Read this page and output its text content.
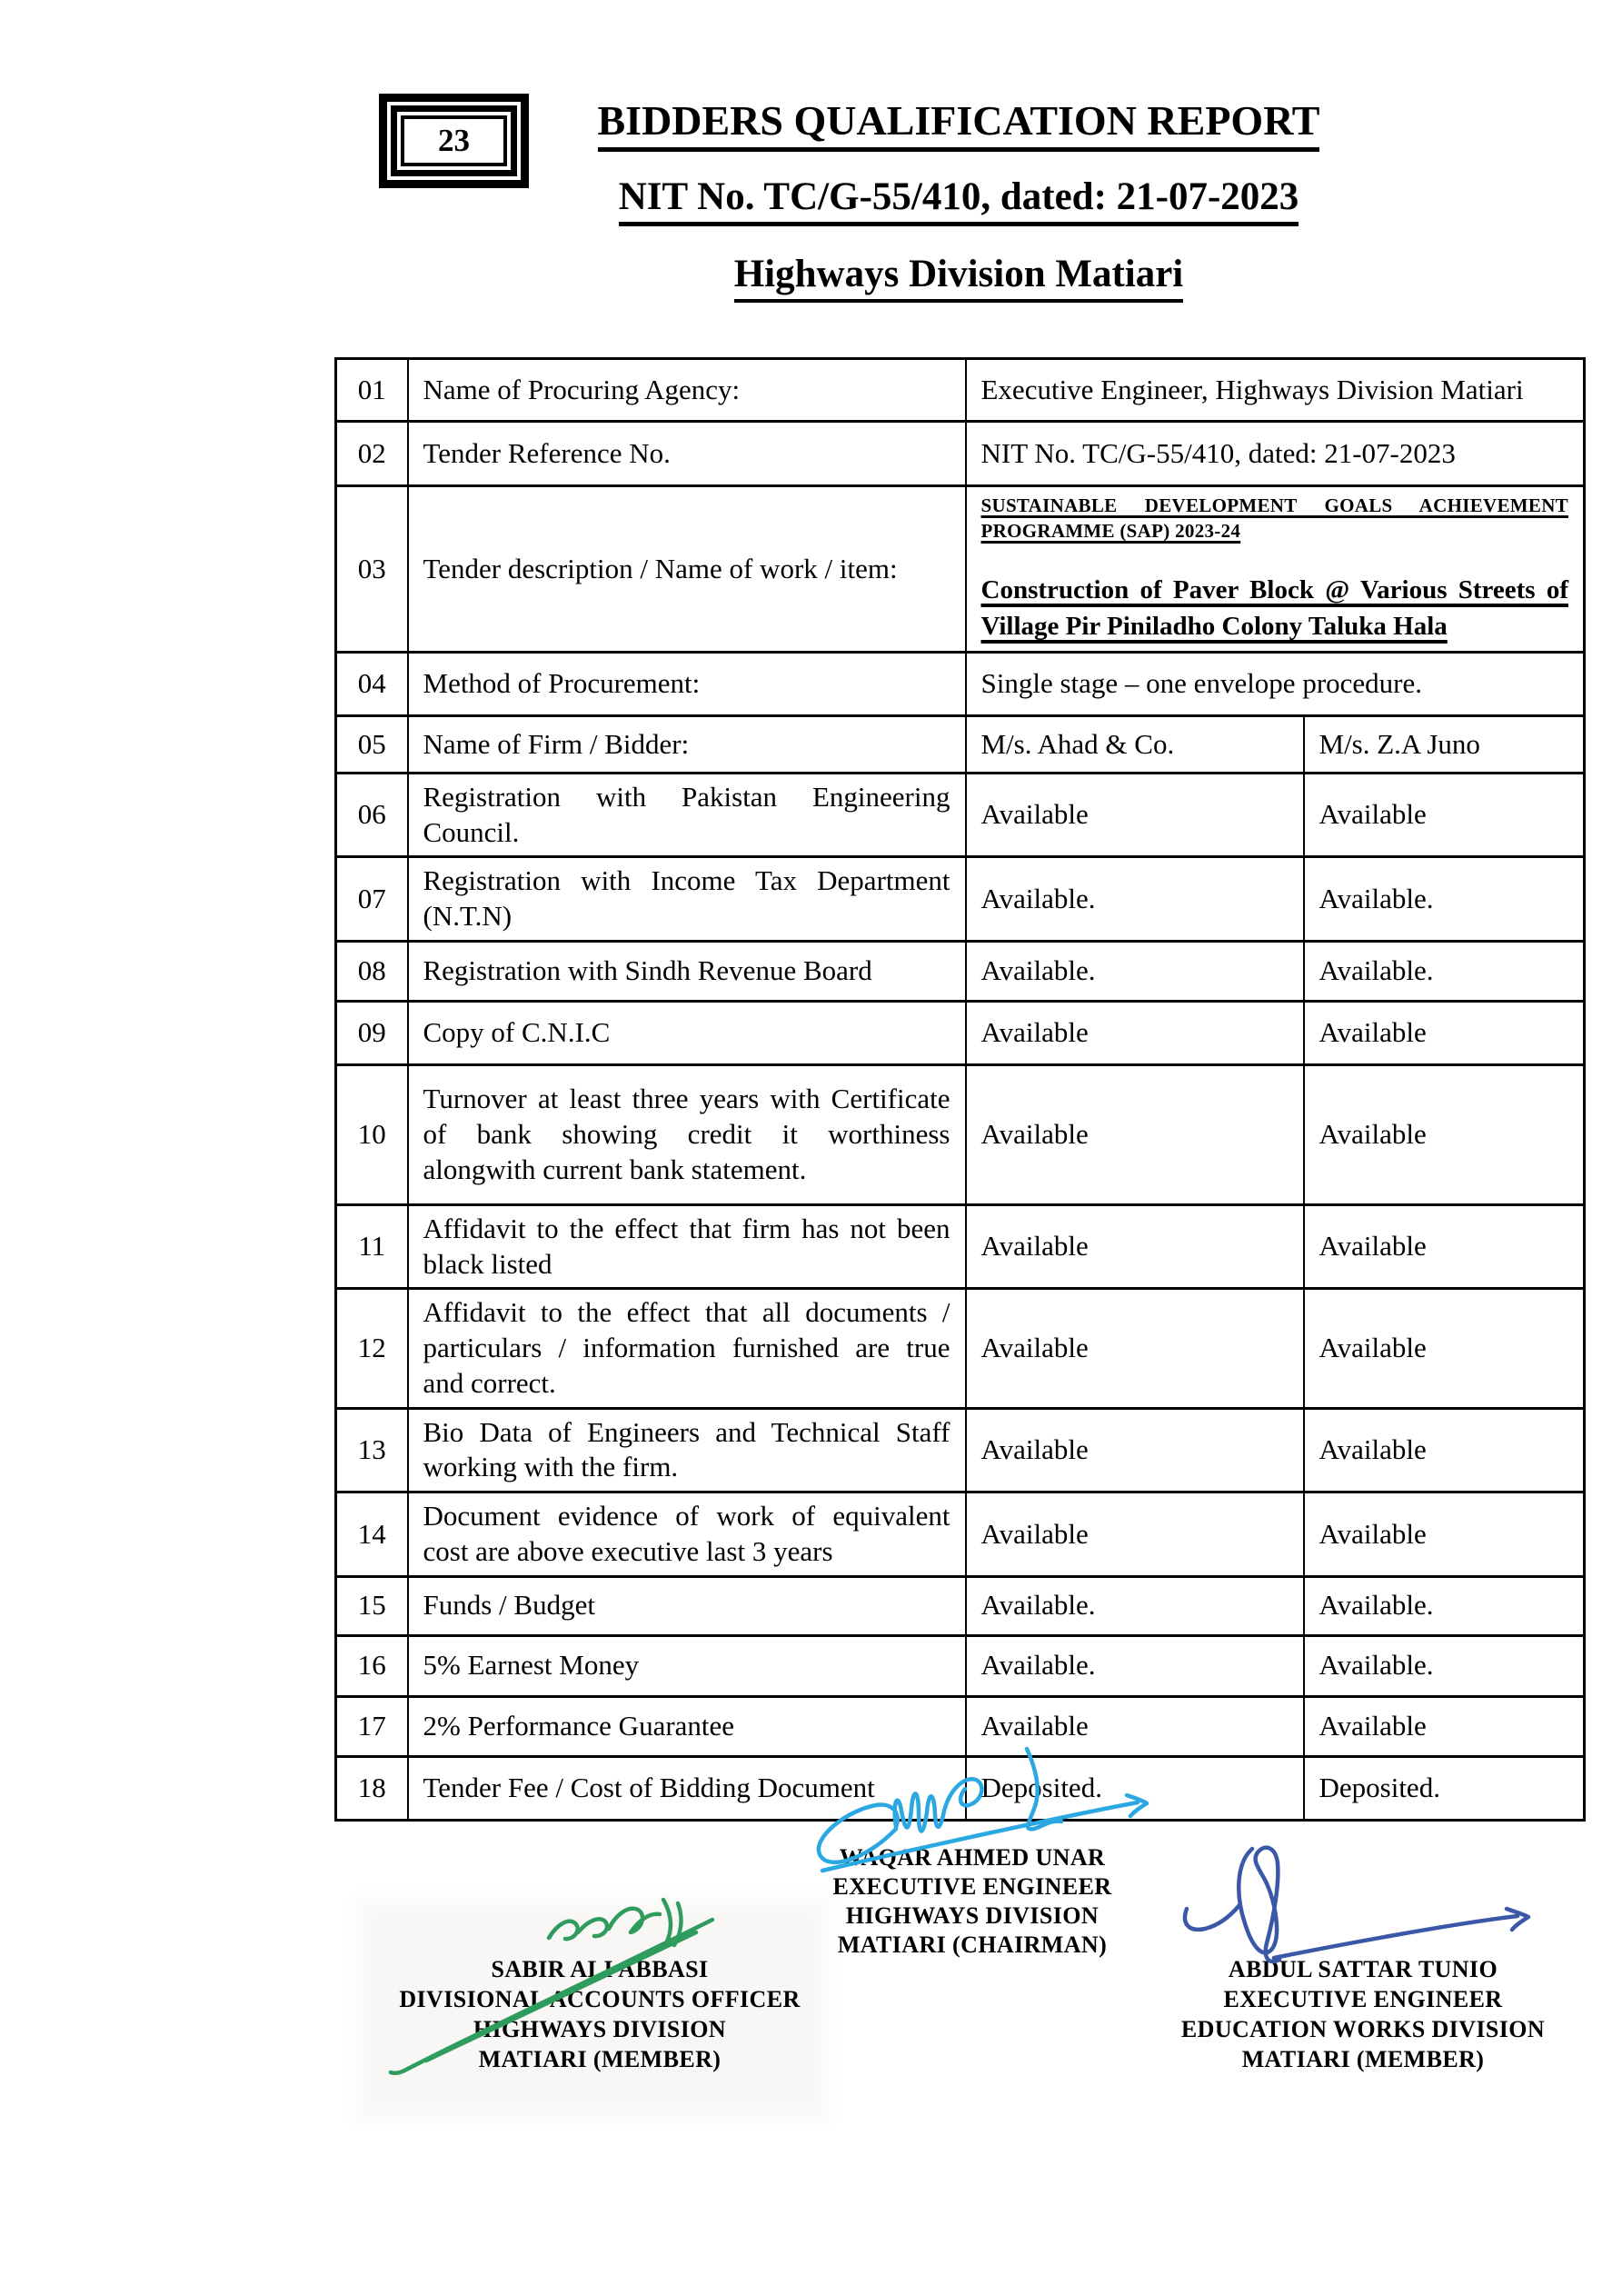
23	BIDDERS QUALIFICATION REPORT
NIT No. TC/G-55/410, dated: 21-07-2023
Highways Division Matiari
01	Name of Procuring Agency:	Executive Engineer, Highways Division Matiari	
02	Tender Reference No.	NIT No. TC/G-55/410, dated: 21-07-2023	
03	Tender description / Name of work / item:	SUSTAINABLE DEVELOPMENT GOALS ACHIEVEMENT PROGRAMME (SAP) 2023-24
Construction of Paver Block @ Various Streets of Village Pir Piniladho Colony Taluka Hala	

04	Method of Procurement:	Single stage – one envelope procedure.	
05	Name of Firm / Bidder:	M/s. Ahad & Co.	M/s. Z.A Juno
06	Registration with Pakistan Engineering Council.	Available	Available
07	Registration with Income Tax Department (N.T.N)	Available.	Available.
08	Registration with Sindh Revenue Board	Available.	Available.
09	Copy of C.N.I.C	Available	Available
10	Turnover at least three years with Certificate of bank showing credit it worthiness alongwith current bank statement.	Available	Available
11	Affidavit to the effect that firm has not been black listed	Available	Available
12	Affidavit to the effect that all documents / particulars / information furnished are true and correct.	Available	Available
13	Bio Data of Engineers and Technical Staff working with the firm.	Available	Available
14	Document evidence of work of equivalent cost are above executive last 3 years	Available	Available
15	Funds / Budget	Available.	Available.
16	5% Earnest Money	Available.	Available.
17	2% Performance Guarantee	Available	Available
18	Tender Fee / Cost of Bidding Document	Deposited.	Deposited.
WAQAR AHMED UNAR
EXECUTIVE ENGINEER
HIGHWAYS DIVISION
MATIARI (CHAIRMAN)
SABIR ALI ABBASI
DIVISIONAL ACCOUNTS OFFICER
HIGHWAYS DIVISION
MATIARI (MEMBER)
ABDUL SATTAR TUNIO
EXECUTIVE ENGINEER
EDUCATION WORKS DIVISION
MATIARI (MEMBER)
